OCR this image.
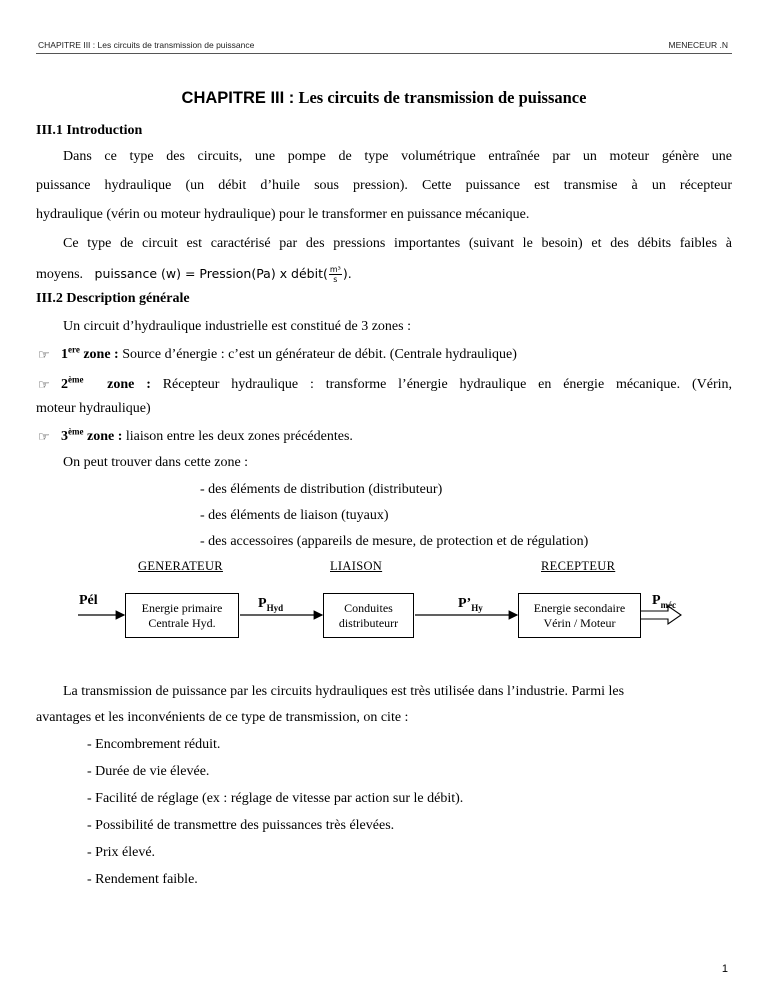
CHAPITRE III : Les circuits de transmission de puissance	MENECEUR .N
CHAPITRE III : Les circuits de transmission de puissance
III.1 Introduction
Dans ce type des circuits, une pompe de type volumétrique entraînée par un moteur génère une
puissance hydraulique (un débit d’huile sous pression). Cette puissance est transmise à un récepteur
hydraulique (vérin ou moteur hydraulique) pour le transformer en puissance mécanique.
Ce type de circuit est caractérisé par des pressions importantes (suivant le besoin) et des débits faibles à
moyens. puissance (w) = Pression(Pa) x débit( $\frac{\text{m³}}{s}$ ).
III.2 Description générale
Un circuit d’hydraulique industrielle est constitué de 3 zones :
☞ 1ere zone : Source d’énergie : c’est un générateur de débit. (Centrale hydraulique)
☞ 2ème  zone : Récepteur hydraulique : transforme l’énergie hydraulique en énergie mécanique. (Vérin,
moteur hydraulique)
☞ 3ème zone : liaison entre les deux zones précédentes.
On peut trouver dans cette zone :
- des éléments de distribution (distributeur)
- des éléments de liaison (tuyaux)
- des accessoires (appareils de mesure, de protection et de régulation)
GENERATEUR	LIAISON	RECEPTEUR
Energie primaire
Centrale Hyd.
Conduites
distributeurr
Energie secondaire
Vérin / Moteur
Pél	$P_{Hyd}$	$P’_{Hy}$	$P_{méc}$
La transmission de puissance par les circuits hydrauliques est très utilisée dans l’industrie. Parmi les
avantages et les inconvénients de ce type de transmission, on cite :
- Encombrement réduit.
- Durée de vie élevée.
- Facilité de réglage (ex : réglage de vitesse par action sur le débit).
- Possibilité de transmettre des puissances très élevées.
- Prix élevé.
- Rendement faible.
1
